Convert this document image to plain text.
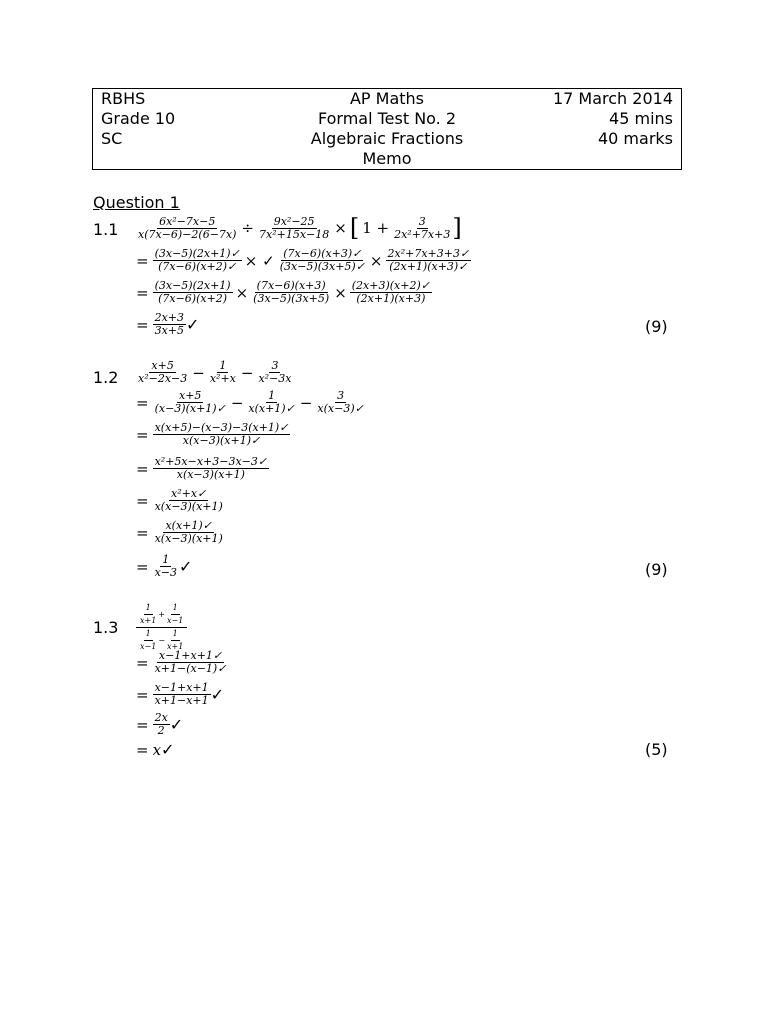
RBHS	AP Maths	17 March 2014
Grade 10	Formal Test No. 2	45 mins
SC	Algebraic Fractions	40 marks
Memo
Question 1
1.1
(9)
$\frac{\text{6x²−7x−5}}{x(7x-6)-2(6-7x)} \div \frac{\text{9x²−25}}{\text{7x²+15x−18}}$ × [ $1 + \frac{3}{\text{2x²+7x+3}}$ ]
= $\frac{(3x-5)(2x+1)✓}{(7x-6)(x+2)✓}$ × ✓ $\frac{(7x-6)(x+3)✓}{(3x-5)(3x+5)✓} \times \frac{\text{2x²+7x+3+3✓}}{(2x+1)(x+3)✓}$
= $\frac{(3x-5)(2x+1)}{(7x-6)(x+2)} \times \frac{(7x-6)(x+3)}{(3x-5)(3x+5)} \times \frac{(2x+3)(x+2)✓}{(2x+1)(x+3)}$
= $\frac{2x+3}{3x+5}$ ✓
1.2
(9)
$\frac{x+5}{\text{x²−2x−3}} - \frac{1}{\text{x²+x}} - \frac{3}{\text{x²−3x}}$
= $\frac{x+5}{(x-3)(x+1)✓} - \frac{1}{x(x+1)✓} - \frac{3}{x(x-3)✓}$
= $\frac{x(x+5)-(x-3)-3(x+1)✓}{x(x-3)(x+1)✓}$
= $\frac{\text{x²+5x−x+3−3x−3✓}}{x(x-3)(x+1)}$
= $\frac{\text{x²+x✓}}{x(x-3)(x+1)}$
= $\frac{x(x+1)✓}{x(x-3)(x+1)}$
= $\frac{1}{x-3}$ ✓
1.3
(5)
$\frac{\frac{1}{x+1} + \frac{1}{x-1}}{\frac{1}{x-1} - \frac{1}{x+1}}$
= $\frac{x-1+x+1✓}{x+1-(x-1)✓}$
= $\frac{x-1+x+1}{x+1-x+1}$ ✓
= $\frac{2x}{2}$ ✓
= x ✓
